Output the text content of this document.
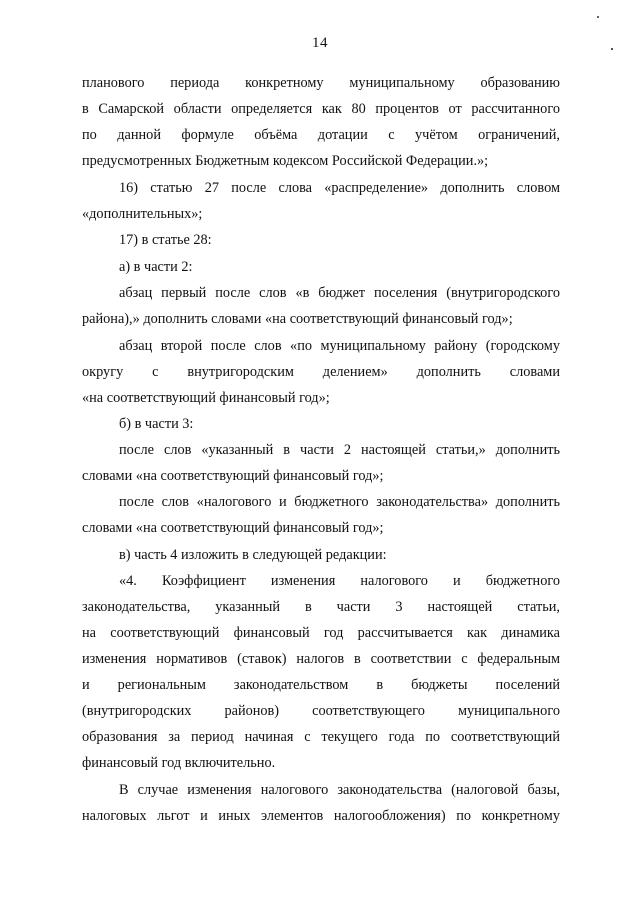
14
планового периода конкретному муниципальному образованию
в Самарской области определяется как 80 процентов от рассчитанного
по данной формуле объёма дотации с учётом ограничений,
предусмотренных Бюджетным кодексом Российской Федерации.»;
16) статью 27 после слова «распределение» дополнить словом
«дополнительных»;
17) в статье 28:
а) в части 2:
абзац первый после слов «в бюджет поселения (внутригородского
района),» дополнить словами «на соответствующий финансовый год»;
абзац второй после слов «по муниципальному району (городскому
округу с внутригородским делением» дополнить словами
«на соответствующий финансовый год»;
б) в части 3:
после слов «указанный в части 2 настоящей статьи,» дополнить
словами «на соответствующий финансовый год»;
после слов «налогового и бюджетного законодательства» дополнить
словами «на соответствующий финансовый год»;
в) часть 4 изложить в следующей редакции:
«4. Коэффициент изменения налогового и бюджетного
законодательства, указанный в части 3 настоящей статьи,
на соответствующий финансовый год рассчитывается как динамика
изменения нормативов (ставок) налогов в соответствии с федеральным
и региональным законодательством в бюджеты поселений
(внутригородских районов) соответствующего муниципального
образования за период начиная с текущего года по соответствующий
финансовый год включительно.
В случае изменения налогового законодательства (налоговой базы,
налоговых льгот и иных элементов налогообложения) по конкретному
